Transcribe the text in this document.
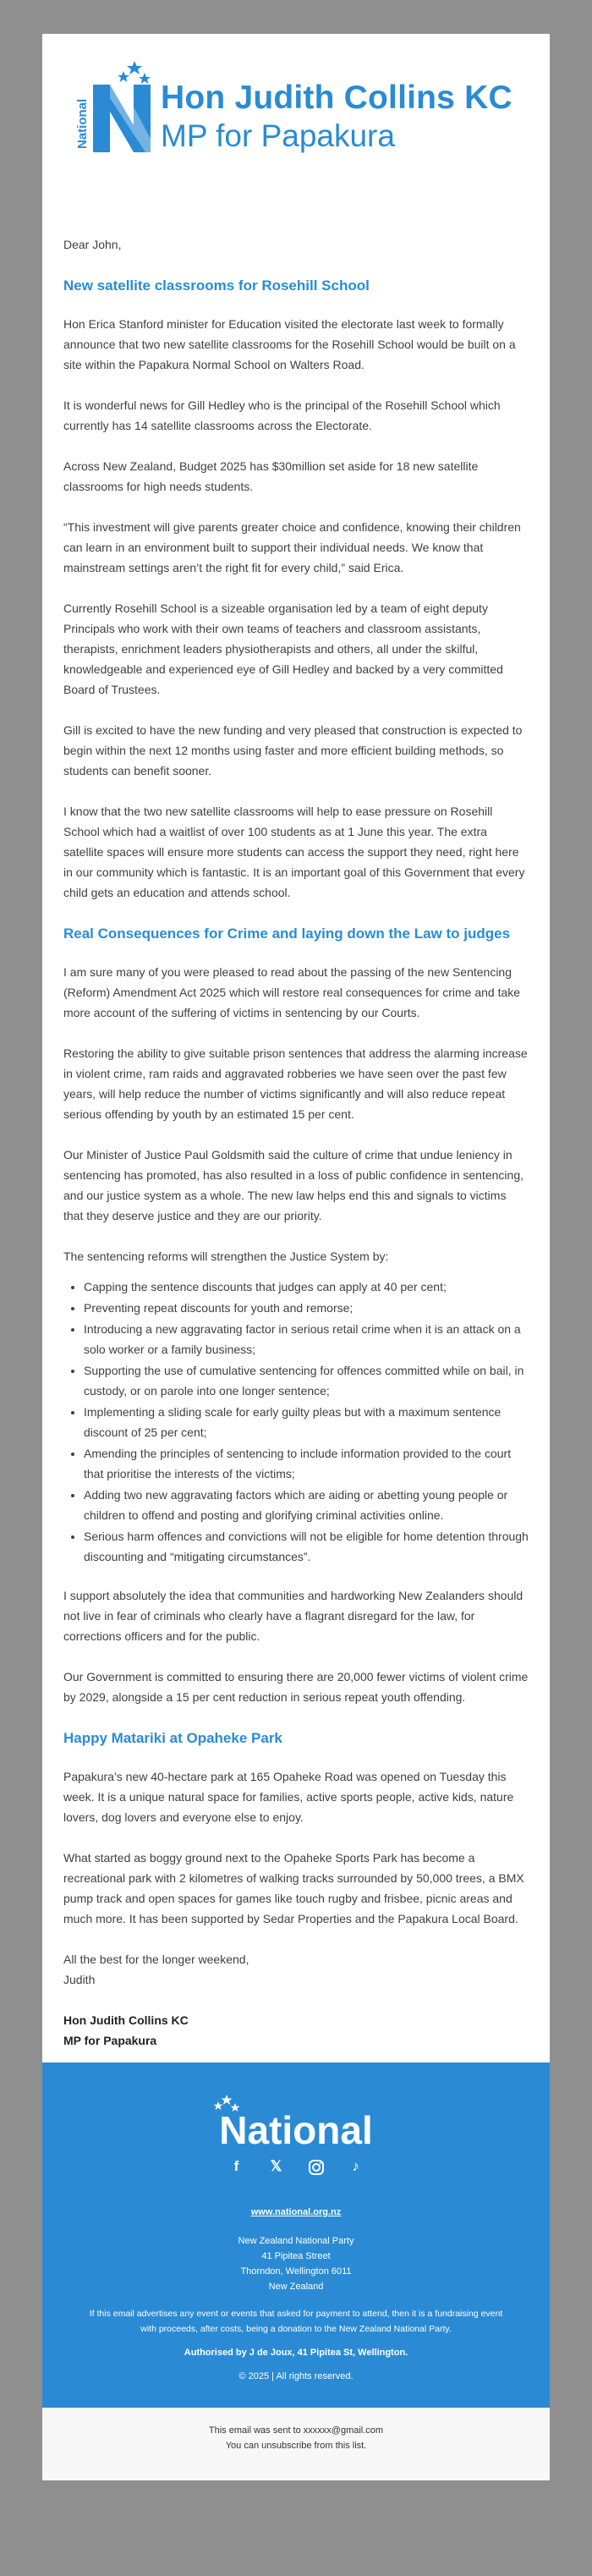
National
Hon Judith Collins KC
MP for Papakura

Dear John,

New satellite classrooms for Rosehill School

Hon Erica Stanford minister for Education visited the electorate last week to formally announce that two new satellite classrooms for the Rosehill School would be built on a site within the Papakura Normal School on Walters Road.

It is wonderful news for Gill Hedley who is the principal of the Rosehill School which currently has 14 satellite classrooms across the Electorate.

Across New Zealand, Budget 2025 has $30million set aside for 18 new satellite classrooms for high needs students.

“This investment will give parents greater choice and confidence, knowing their children can learn in an environment built to support their individual needs. We know that mainstream settings aren’t the right fit for every child,” said Erica.

Currently Rosehill School is a sizeable organisation led by a team of eight deputy Principals who work with their own teams of teachers and classroom assistants, therapists, enrichment leaders physiotherapists and others, all under the skilful, knowledgeable and experienced eye of Gill Hedley and backed by a very committed Board of Trustees.

Gill is excited to have the new funding and very pleased that construction is expected to begin within the next 12 months using faster and more efficient building methods, so students can benefit sooner.

I know that the two new satellite classrooms will help to ease pressure on Rosehill School which had a waitlist of over 100 students as at 1 June this year. The extra satellite spaces will ensure more students can access the support they need, right here in our community which is fantastic. It is an important goal of this Government that every child gets an education and attends school.

Real Consequences for Crime and laying down the Law to judges

I am sure many of you were pleased to read about the passing of the new Sentencing (Reform) Amendment Act 2025 which will restore real consequences for crime and take more account of the suffering of victims in sentencing by our Courts.

Restoring the ability to give suitable prison sentences that address the alarming increase in violent crime, ram raids and aggravated robberies we have seen over the past few years, will help reduce the number of victims significantly and will also reduce repeat serious offending by youth by an estimated 15 per cent.

Our Minister of Justice Paul Goldsmith said the culture of crime that undue leniency in sentencing has promoted, has also resulted in a loss of public confidence in sentencing, and our justice system as a whole. The new law helps end this and signals to victims that they deserve justice and they are our priority.

The sentencing reforms will strengthen the Justice System by:

• Capping the sentence discounts that judges can apply at 40 per cent;
• Preventing repeat discounts for youth and remorse;
• Introducing a new aggravating factor in serious retail crime when it is an attack on a solo worker or a family business;
• Supporting the use of cumulative sentencing for offences committed while on bail, in custody, or on parole into one longer sentence;
• Implementing a sliding scale for early guilty pleas but with a maximum sentence discount of 25 per cent;
• Amending the principles of sentencing to include information provided to the court that prioritise the interests of the victims;
• Adding two new aggravating factors which are aiding or abetting young people or children to offend and posting and glorifying criminal activities online.
• Serious harm offences and convictions will not be eligible for home detention through discounting and “mitigating circumstances”.

I support absolutely the idea that communities and hardworking New Zealanders should not live in fear of criminals who clearly have a flagrant disregard for the law, for corrections officers and for the public.

Our Government is committed to ensuring there are 20,000 fewer victims of violent crime by 2029, alongside a 15 per cent reduction in serious repeat youth offending.

Happy Matariki at Opaheke Park

Papakura’s new 40-hectare park at 165 Opaheke Road was opened on Tuesday this week. It is a unique natural space for families, active sports people, active kids, nature lovers, dog lovers and everyone else to enjoy.

What started as boggy ground next to the Opaheke Sports Park has become a recreational park with 2 kilometres of walking tracks surrounded by 50,000 trees, a BMX pump track and open spaces for games like touch rugby and frisbee, picnic areas and much more. It has been supported by Sedar Properties and the Papakura Local Board.

All the best for the longer weekend,
Judith
Hon Judith Collins KC
MP for Papakura
National
f 𝕏	♪
www.national.org.nz
New Zealand National Party
41 Pipitea Street
Thorndon, Wellington 6011
New Zealand
If this email advertises any event or events that asked for payment to attend, then it is a fundraising event with proceeds, after costs, being a donation to the New Zealand National Party.
Authorised by J de Joux, 41 Pipitea St, Wellington.
© 2025 | All rights reserved.
This email was sent to xxxxxx@gmail.com
You can unsubscribe from this list.
